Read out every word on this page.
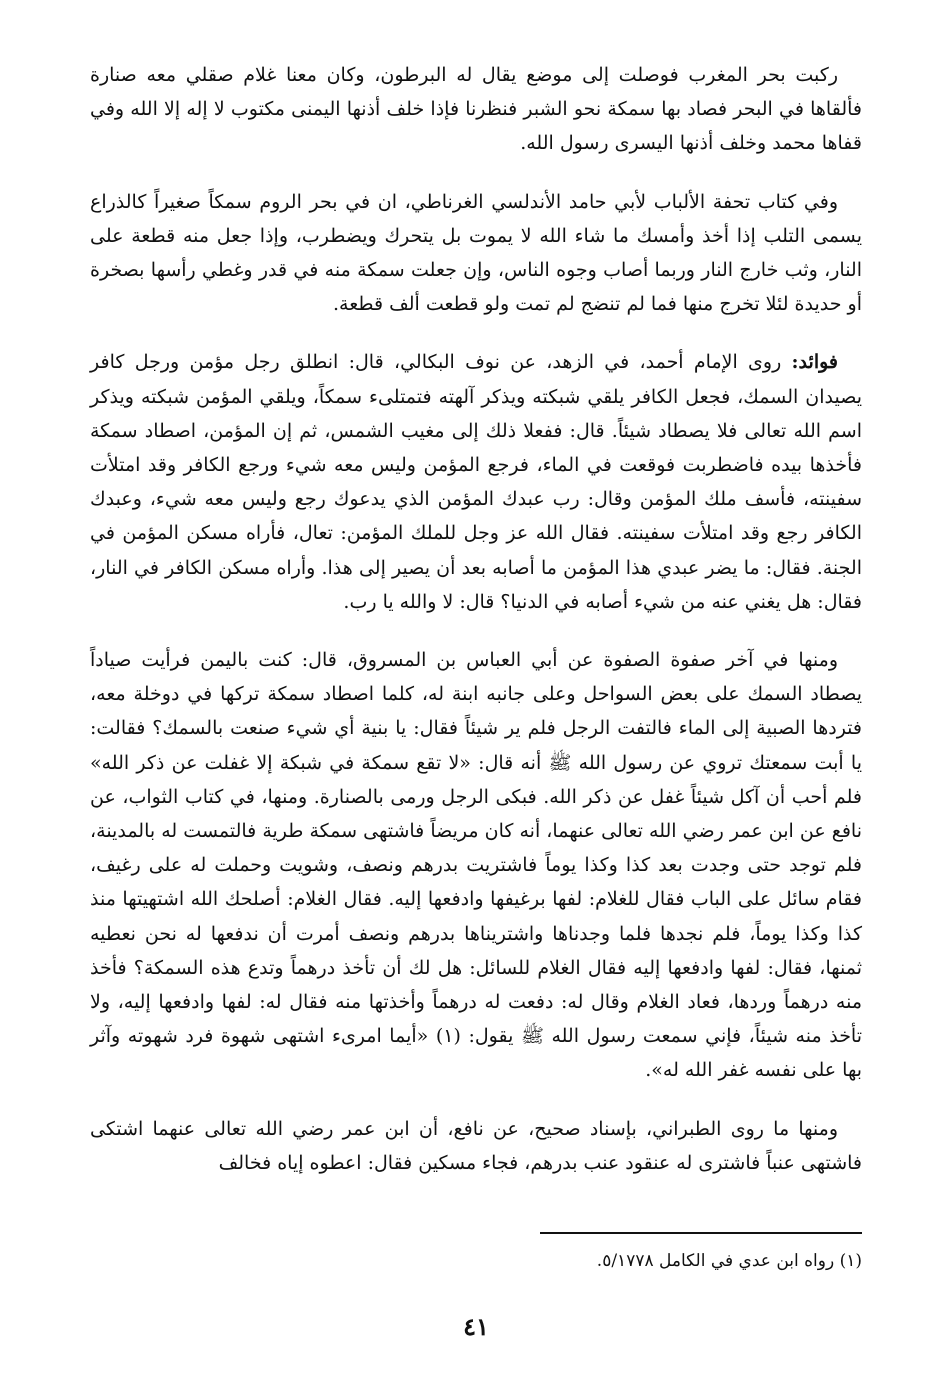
ركبت بحر المغرب فوصلت إلى موضع يقال له البرطون، وكان معنا غلام صقلي معه صنارة فألقاها في البحر فصاد بها سمكة نحو الشبر فنظرنا فإذا خلف أذنها اليمنى مكتوب لا إله إلا الله وفي قفاها محمد وخلف أذنها اليسرى رسول الله.

وفي كتاب تحفة الألباب لأبي حامد الأندلسي الغرناطي، ان في بحر الروم سمكاً صغيراً كالذراع يسمى التلب إذا أخذ وأمسك ما شاء الله لا يموت بل يتحرك ويضطرب، وإذا جعل منه قطعة على النار، وثب خارج النار وربما أصاب وجوه الناس، وإن جعلت سمكة منه في قدر وغطي رأسها بصخرة أو حديدة لئلا تخرج منها فما لم تنضج لم تمت ولو قطعت ألف قطعة.

فوائد: روى الإمام أحمد، في الزهد، عن نوف البكالي، قال: انطلق رجل مؤمن ورجل كافر يصيدان السمك، فجعل الكافر يلقي شبكته ويذكر آلهته فتمتلىء سمكاً، ويلقي المؤمن شبكته ويذكر اسم الله تعالى فلا يصطاد شيئاً. قال: ففعلا ذلك إلى مغيب الشمس، ثم إن المؤمن، اصطاد سمكة فأخذها بيده فاضطربت فوقعت في الماء، فرجع المؤمن وليس معه شيء ورجع الكافر وقد امتلأت سفينته، فأسف ملك المؤمن وقال: رب عبدك المؤمن الذي يدعوك رجع وليس معه شيء، وعبدك الكافر رجع وقد امتلأت سفينته. فقال الله عز وجل للملك المؤمن: تعال، فأراه مسكن المؤمن في الجنة. فقال: ما يضر عبدي هذا المؤمن ما أصابه بعد أن يصير إلى هذا. وأراه مسكن الكافر في النار، فقال: هل يغني عنه من شيء أصابه في الدنيا؟ قال: لا والله يا رب.

ومنها في آخر صفوة الصفوة عن أبي العباس بن المسروق، قال: كنت باليمن فرأيت صياداً يصطاد السمك على بعض السواحل وعلى جانبه ابنة له، كلما اصطاد سمكة تركها في دوخلة معه، فتردها الصبية إلى الماء فالتفت الرجل فلم ير شيئاً فقال: يا بنية أي شيء صنعت بالسمك؟ فقالت: يا أبت سمعتك تروي عن رسول الله ﷺ أنه قال: «لا تقع سمكة في شبكة إلا غفلت عن ذكر الله» فلم أحب أن آكل شيئاً غفل عن ذكر الله. فبكى الرجل ورمى بالصنارة. ومنها، في كتاب الثواب، عن نافع عن ابن عمر رضي الله تعالى عنهما، أنه كان مريضاً فاشتهى سمكة طرية فالتمست له بالمدينة، فلم توجد حتى وجدت بعد كذا وكذا يوماً فاشتريت بدرهم ونصف، وشويت وحملت له على رغيف، فقام سائل على الباب فقال للغلام: لفها برغيفها وادفعها إليه. فقال الغلام: أصلحك الله اشتهيتها منذ كذا وكذا يوماً، فلم نجدها فلما وجدناها واشتريناها بدرهم ونصف أمرت أن ندفعها له نحن نعطيه ثمنها، فقال: لفها وادفعها إليه فقال الغلام للسائل: هل لك أن تأخذ درهماً وتدع هذه السمكة؟ فأخذ منه درهماً وردها، فعاد الغلام وقال له: دفعت له درهماً وأخذتها منه فقال له: لفها وادفعها إليه، ولا تأخذ منه شيئاً، فإني سمعت رسول الله ﷺ يقول: (١) «أيما امرىء اشتهى شهوة فرد شهوته وآثر بها على نفسه غفر الله له».

ومنها ما روى الطبراني، بإسناد صحيح، عن نافع، أن ابن عمر رضي الله تعالى عنهما اشتكى فاشتهى عنباً فاشترى له عنقود عنب بدرهم، فجاء مسكين فقال: اعطوه إياه فخالف

(١) رواه ابن عدي في الكامل ٥/١٧٧٨.
٤١
